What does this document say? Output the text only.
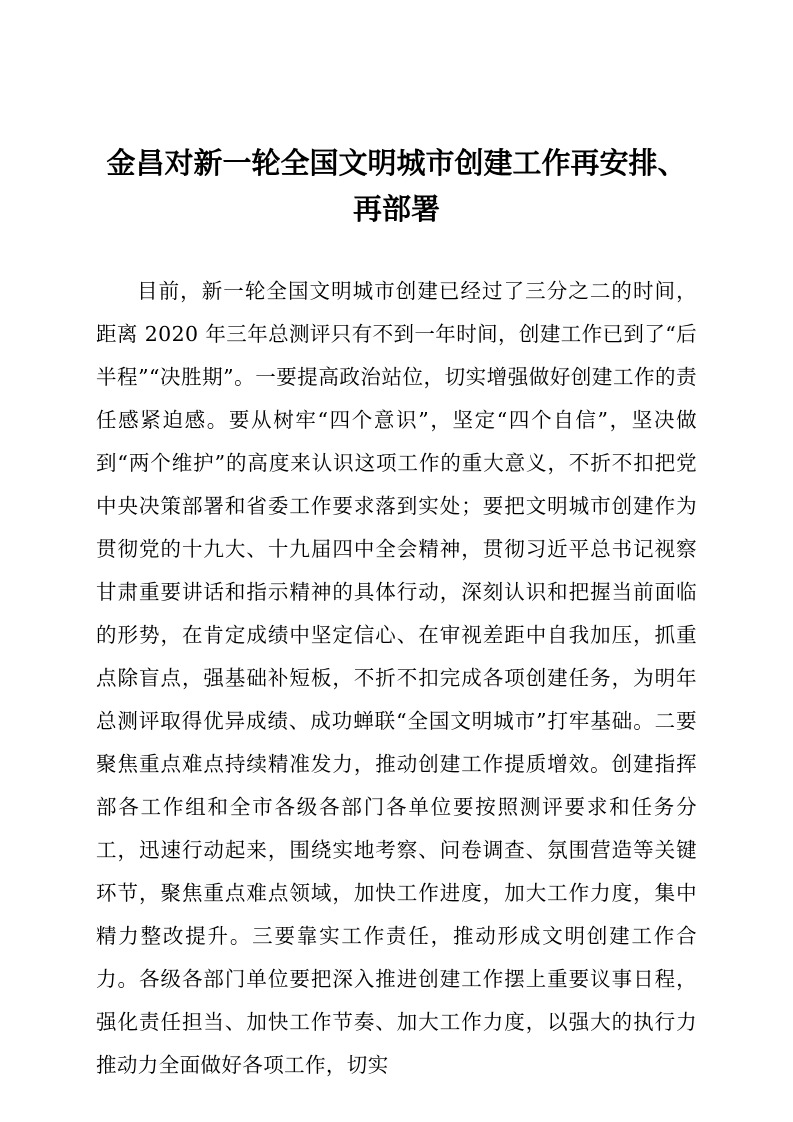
金昌对新一轮全国文明城市创建工作再安排、再部署

目前，新一轮全国文明城市创建已经过了三分之二的时间，距离 2020 年三年总测评只有不到一年时间，创建工作已到了“后半程”“决胜期”。一要提高政治站位，切实增强做好创建工作的责任感紧迫感。要从树牢“四个意识”，坚定“四个自信”，坚决做到“两个维护”的高度来认识这项工作的重大意义，不折不扣把党中央决策部署和省委工作要求落到实处；要把文明城市创建作为贯彻党的十九大、十九届四中全会精神，贯彻习近平总书记视察甘肃重要讲话和指示精神的具体行动，深刻认识和把握当前面临的形势，在肯定成绩中坚定信心、在审视差距中自我加压，抓重点除盲点，强基础补短板，不折不扣完成各项创建任务，为明年总测评取得优异成绩、成功蝉联“全国文明城市”打牢基础。二要聚焦重点难点持续精准发力，推动创建工作提质增效。创建指挥部各工作组和全市各级各部门各单位要按照测评要求和任务分工，迅速行动起来，围绕实地考察、问卷调查、氛围营造等关键环节，聚焦重点难点领域，加快工作进度，加大工作力度，集中精力整改提升。三要靠实工作责任，推动形成文明创建工作合力。各级各部门单位要把深入推进创建工作摆上重要议事日程，强化责任担当、加快工作节奏、加大工作力度，以强大的执行力推动力全面做好各项工作，切实
